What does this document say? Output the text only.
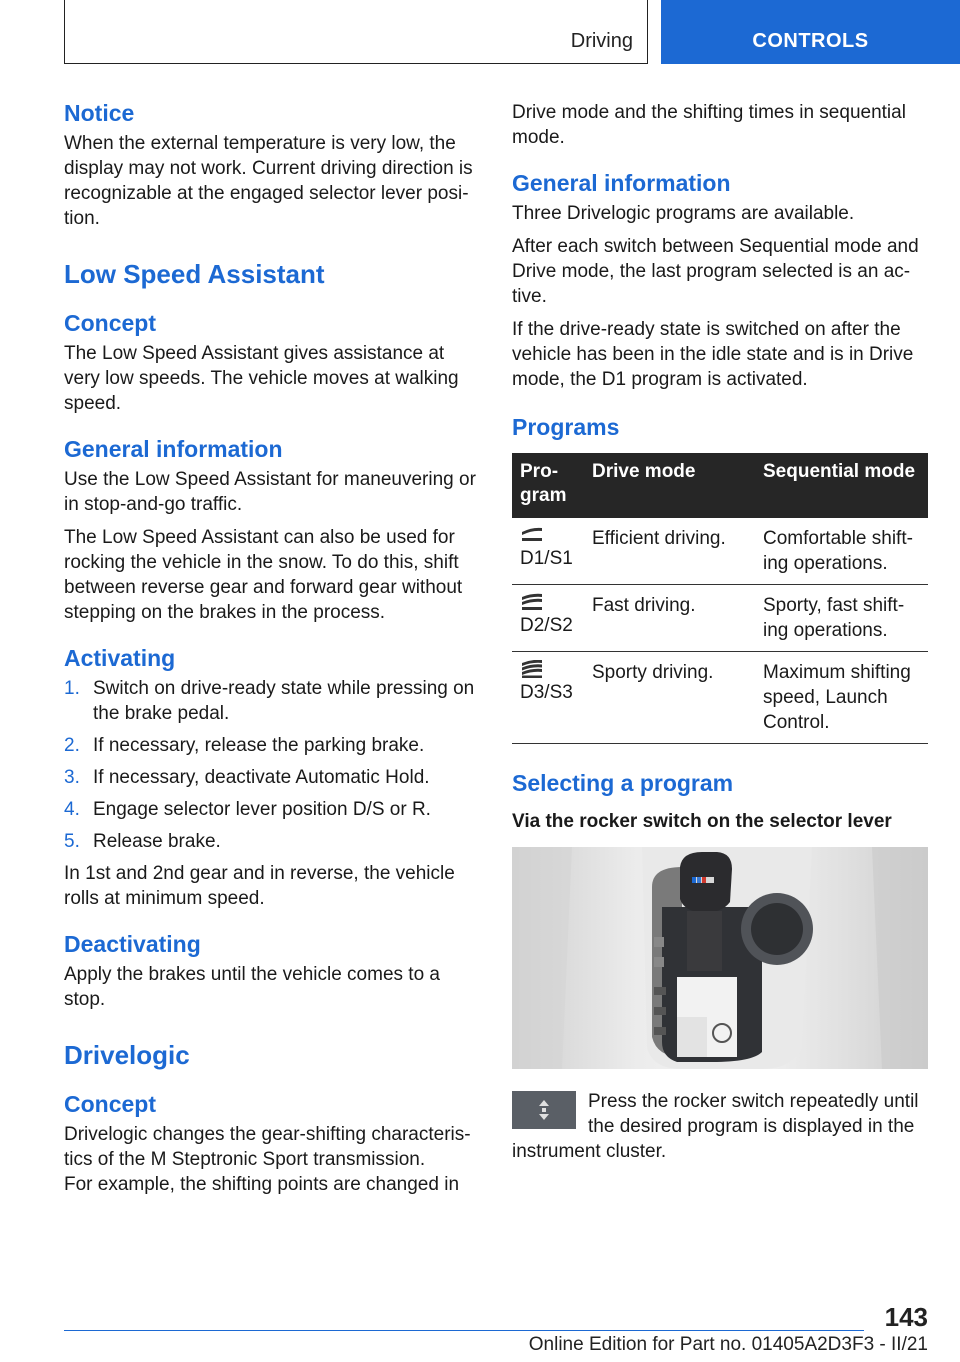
Driving	CONTROLS
Notice

When the external temperature is very low, the display may not work. Current driving direction is recognizable at the engaged selector lever position.

Low Speed Assistant
Concept

The Low Speed Assistant gives assistance at very low speeds. The vehicle moves at walking speed.

General information

Use the Low Speed Assistant for maneuvering or in stop-and-go traffic.

The Low Speed Assistant can also be used for rocking the vehicle in the snow. To do this, shift between reverse gear and forward gear without stepping on the brakes in the process.

Activating
1. Switch on drive-ready state while pressing on the brake pedal.
2. If necessary, release the parking brake.
3. If necessary, deactivate Automatic Hold.
4. Engage selector lever position D/S or R.
5. Release brake.

In 1st and 2nd gear and in reverse, the vehicle rolls at minimum speed.

Deactivating

Apply the brakes until the vehicle comes to a stop.

Drivelogic
Concept

Drivelogic changes the gear-shifting characteristics of the M Steptronic Sport transmission.

For example, the shifting points are changed in

Drive mode and the shifting times in sequential mode.

General information

Three Drivelogic programs are available.

After each switch between Sequential mode and Drive mode, the last program selected is an active.

If the drive-ready state is switched on after the vehicle has been in the idle state and is in Drive mode, the D1 program is activated.

Programs
Program	Drive mode	Sequential mode

D1/S1	Efficient driving.	Comfortable shifting operations.

D2/S2	Fast driving.	Sporty, fast shifting operations.

D3/S3	Sporty driving.	Maximum shifting speed, Launch Control.
Selecting a program
Via the rocker switch on the selector lever
Press the rocker switch repeatedly until the desired program is displayed in the
instrument cluster.
143
Online Edition for Part no. 01405A2D3F3 - II/21
